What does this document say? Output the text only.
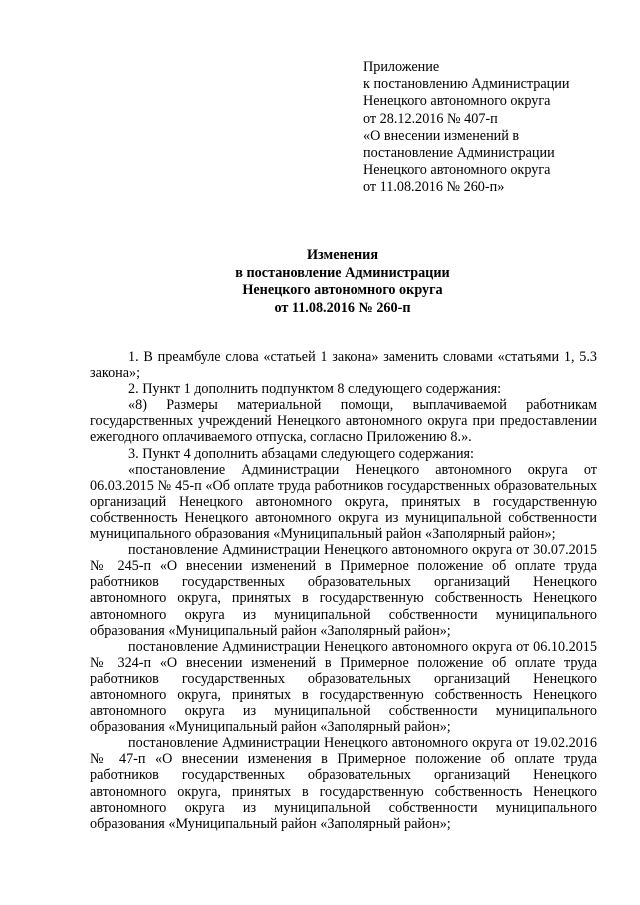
Приложение
к постановлению Администрации
Ненецкого автономного округа
от 28.12.2016 № 407-п
«О внесении изменений в
постановление Администрации
Ненецкого автономного округа
от 11.08.2016 № 260-п»
Изменения
в постановление Администрации
Ненецкого автономного округа
от 11.08.2016 № 260-п
1. В преамбуле слова «статьей 1 закона» заменить словами «статьями 1, 5.3
закона»;
2. Пункт 1 дополнить подпунктом 8 следующего содержания:
«8) Размеры материальной помощи, выплачиваемой работникам
государственных учреждений Ненецкого автономного округа при предоставлении
ежегодного оплачиваемого отпуска, согласно Приложению 8.».
3. Пункт 4 дополнить абзацами следующего содержания:
«постановление Администрации Ненецкого автономного округа от
06.03.2015 № 45-п «Об оплате труда работников государственных образовательных
организаций Ненецкого автономного округа, принятых в государственную
собственность Ненецкого автономного округа из муниципальной собственности
муниципального образования «Муниципальный район «Заполярный район»;
постановление Администрации Ненецкого автономного округа от 30.07.2015
№ 245-п «О внесении изменений в Примерное положение об оплате труда
работников государственных образовательных организаций Ненецкого
автономного округа, принятых в государственную собственность Ненецкого
автономного округа из муниципальной собственности муниципального
образования «Муниципальный район «Заполярный район»;
постановление Администрации Ненецкого автономного округа от 06.10.2015
№ 324-п «О внесении изменений в Примерное положение об оплате труда
работников государственных образовательных организаций Ненецкого
автономного округа, принятых в государственную собственность Ненецкого
автономного округа из муниципальной собственности муниципального
образования «Муниципальный район «Заполярный район»;
постановление Администрации Ненецкого автономного округа от 19.02.2016
№ 47-п «О внесении изменения в Примерное положение об оплате труда
работников государственных образовательных организаций Ненецкого
автономного округа, принятых в государственную собственность Ненецкого
автономного округа из муниципальной собственности муниципального
образования «Муниципальный район «Заполярный район»;
